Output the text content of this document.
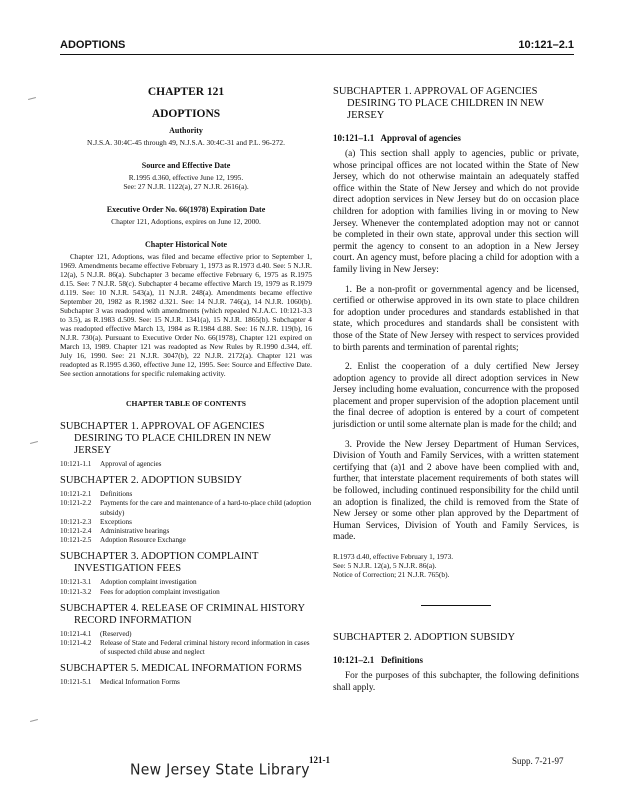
ADOPTIONS	10:121–2.1
CHAPTER 121
ADOPTIONS
Authority
N.J.S.A. 30:4C-45 through 49, N.J.S.A. 30:4C-31 and P.L. 96-272.
Source and Effective Date
R.1995 d.360, effective June 12, 1995.
See: 27 N.J.R. 1122(a), 27 N.J.R. 2616(a).
Executive Order No. 66(1978) Expiration Date
Chapter 121, Adoptions, expires on June 12, 2000.
Chapter Historical Note
Chapter 121, Adoptions, was filed and became effective prior to September 1, 1969. Amendments became effective February 1, 1973 as R.1973 d.40. See: 5 N.J.R. 12(a), 5 N.J.R. 86(a). Subchapter 3 became effective February 6, 1975 as R.1975 d.15. See: 7 N.J.R. 58(c). Subchapter 4 became effective March 19, 1979 as R.1979 d.119. See: 10 N.J.R. 543(a), 11 N.J.R. 248(a). Amendments became effective September 20, 1982 as R.1982 d.321. See: 14 N.J.R. 746(a), 14 N.J.R. 1060(b). Subchapter 3 was readopted with amendments (which repealed N.J.A.C. 10:121-3.3 to 3.5), as R.1983 d.509. See: 15 N.J.R. 1341(a), 15 N.J.R. 1865(b). Subchapter 4 was readopted effective March 13, 1984 as R.1984 d.88. See: 16 N.J.R. 119(b), 16 N.J.R. 730(a). Pursuant to Executive Order No. 66(1978), Chapter 121 expired on March 13, 1989. Chapter 121 was readopted as New Rules by R.1990 d.344, eff. July 16, 1990. See: 21 N.J.R. 3047(b), 22 N.J.R. 2172(a). Chapter 121 was readopted as R.1995 d.360, effective June 12, 1995. See: Source and Effective Date. See section annotations for specific rulemaking activity.
CHAPTER TABLE OF CONTENTS
SUBCHAPTER 1. APPROVAL OF AGENCIES
DESIRING TO PLACE CHILDREN IN NEW
JERSEY
10:121-1.1	Approval of agencies
SUBCHAPTER 2. ADOPTION SUBSIDY
10:121-2.1	Definitions
10:121-2.2	Payments for the care and maintenance of a hard-to-place child (adoption subsidy)
10:121-2.3	Exceptions
10:121-2.4	Administrative hearings
10:121-2.5	Adoption Resource Exchange
SUBCHAPTER 3. ADOPTION COMPLAINT
INVESTIGATION FEES
10:121-3.1	Adoption complaint investigation
10:121-3.2	Fees for adoption complaint investigation
SUBCHAPTER 4. RELEASE OF CRIMINAL HISTORY
RECORD INFORMATION
10:121-4.1	(Reserved)
10:121-4.2	Release of State and Federal criminal history record information in cases of suspected child abuse and neglect
SUBCHAPTER 5. MEDICAL INFORMATION FORMS
10:121-5.1	Medical Information Forms
SUBCHAPTER 1. APPROVAL OF AGENCIES
DESIRING TO PLACE CHILDREN IN NEW
JERSEY
10:121–1.1 Approval of agencies

(a) This section shall apply to agencies, public or private, whose principal offices are not located within the State of New Jersey, which do not otherwise maintain an adequately staffed office within the State of New Jersey and which do not provide direct adoption services in New Jersey but do on occasion place children for adoption with families living in or moving to New Jersey. Whenever the contemplated adoption may not or cannot be completed in their own state, approval under this section will permit the agency to consent to an adoption in a New Jersey court. An agency must, before placing a child for adoption with a family living in New Jersey:

1. Be a non-profit or governmental agency and be licensed, certified or otherwise approved in its own state to place children for adoption under procedures and standards established in that state, which procedures and standards shall be consistent with those of the State of New Jersey with respect to services provided to birth parents and termination of parental rights;

2. Enlist the cooperation of a duly certified New Jersey adoption agency to provide all direct adoption services in New Jersey including home evaluation, concurrence with the proposed placement and proper supervision of the adoption placement until the final decree of adoption is entered by a court of competent jurisdiction or until some alternate plan is made for the child; and

3. Provide the New Jersey Department of Human Services, Division of Youth and Family Services, with a written statement certifying that (a)1 and 2 above have been complied with and, further, that interstate placement requirements of both states will be followed, including continued responsibility for the child until an adoption is finalized, the child is removed from the State of New Jersey or some other plan approved by the Department of Human Services, Division of Youth and Family Services, is made.

R.1973 d.40, effective February 1, 1973.
See: 5 N.J.R. 12(a), 5 N.J.R. 86(a).
Notice of Correction; 21 N.J.R. 765(b).
SUBCHAPTER 2. ADOPTION SUBSIDY
10:121–2.1 Definitions

For the purposes of this subchapter, the following definitions shall apply.

121-1	Supp. 7-21-97
New Jersey State Library
